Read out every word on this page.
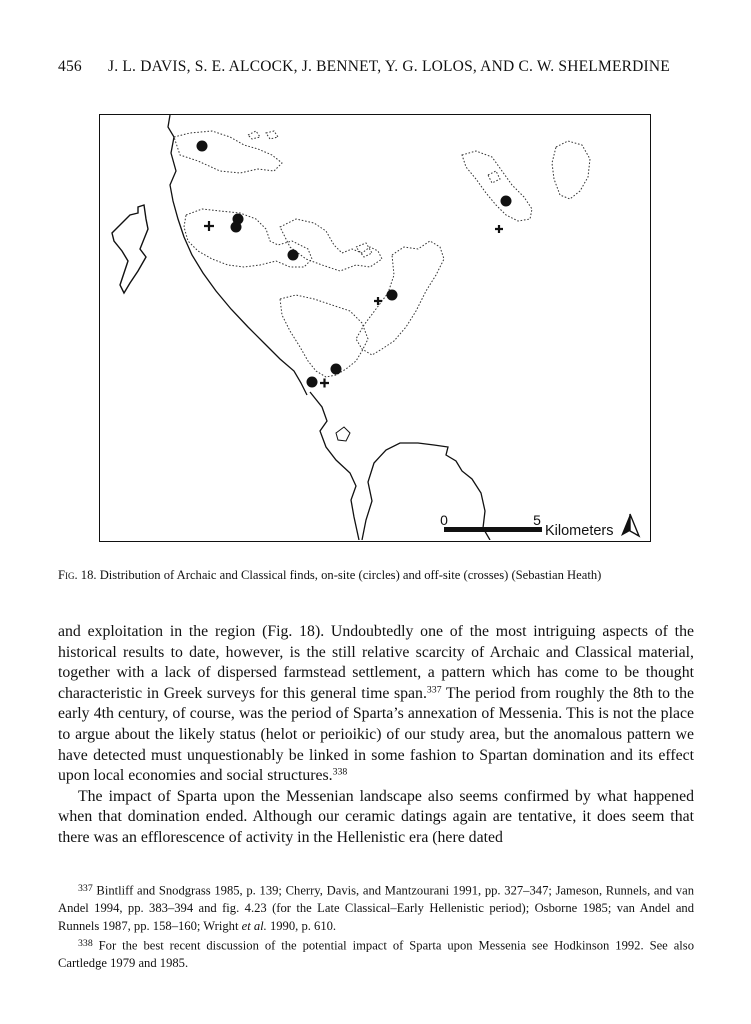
456 J. L. DAVIS, S. E. ALCOCK, J. BENNET, Y. G. LOLOS, AND C. W. SHELMERDINE
0	5
Kilometers
Fig. 18. Distribution of Archaic and Classical finds, on-site (circles) and off-site (crosses) (Sebastian Heath)

and exploitation in the region (Fig. 18). Undoubtedly one of the most intriguing aspects of the historical results to date, however, is the still relative scarcity of Archaic and Classical material, together with a lack of dispersed farmstead settlement, a pattern which has come to be thought characteristic in Greek surveys for this general time span.$^{337}$ The period from roughly the 8th to the early 4th century, of course, was the period of Sparta’s annexation of Messenia. This is not the place to argue about the likely status (helot or perioikic) of our study area, but the anomalous pattern we have detected must unquestionably be linked in some fashion to Spartan domination and its effect upon local economies and social structures.$^{338}$

The impact of Sparta upon the Messenian landscape also seems confirmed by what happened when that domination ended. Although our ceramic datings again are tentative, it does seem that there was an efflorescence of activity in the Hellenistic era (here dated

$^{337}$ Bintliff and Snodgrass 1985, p. 139; Cherry, Davis, and Mantzourani 1991, pp. 327–347; Jameson, Runnels, and van Andel 1994, pp. 383–394 and fig. 4.23 (for the Late Classical–Early Hellenistic period); Osborne 1985; van Andel and Runnels 1987, pp. 158–160; Wright et al. 1990, p. 610.

$^{338}$ For the best recent discussion of the potential impact of Sparta upon Messenia see Hodkinson 1992. See also Cartledge 1979 and 1985.
